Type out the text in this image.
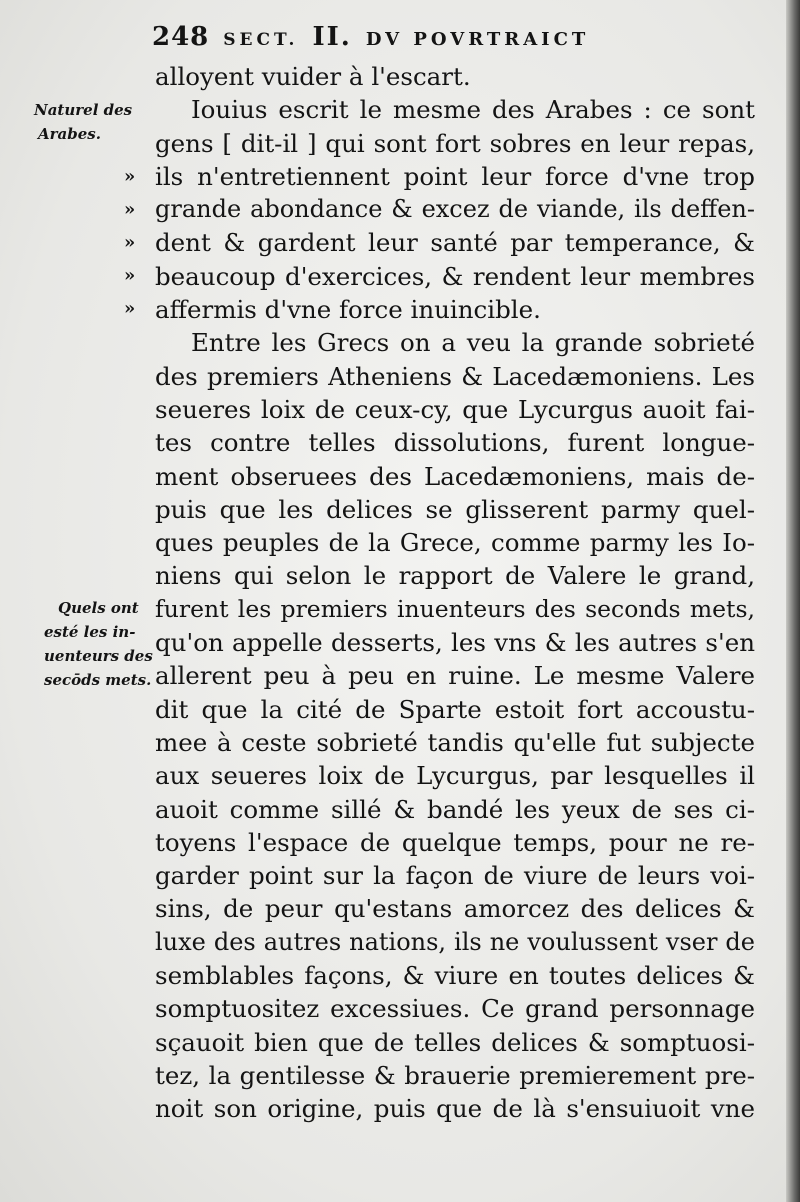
248 SECT. II. DV POVRTRAICT
Naturel des
Arabes.
Quels ont
esté les in-
uenteurs des
secōds mets.
»
»
»
»
»
alloyent vuider à l'escart.
Iouius escrit le mesme des Arabes : ce sont
gens [ dit-il ] qui sont fort sobres en leur repas,
ils n'entretiennent point leur force d'vne trop
grande abondance & excez de viande, ils deffen-
dent & gardent leur santé par temperance, &
beaucoup d'exercices, & rendent leur membres
affermis d'vne force inuincible.
Entre les Grecs on a veu la grande sobrieté
des premiers Atheniens & Lacedæmoniens. Les
seueres loix de ceux-cy, que Lycurgus auoit fai-
tes contre telles dissolutions, furent longue-
ment obseruees des Lacedæmoniens, mais de-
puis que les delices se glisserent parmy quel-
ques peuples de la Grece, comme parmy les Io-
niens qui selon le rapport de Valere le grand,
furent les premiers inuenteurs des seconds mets,
qu'on appelle desserts, les vns & les autres s'en
allerent peu à peu en ruine. Le mesme Valere
dit que la cité de Sparte estoit fort accoustu-
mee à ceste sobrieté tandis qu'elle fut subjecte
aux seueres loix de Lycurgus, par lesquelles il
auoit comme sillé & bandé les yeux de ses ci-
toyens l'espace de quelque temps, pour ne re-
garder point sur la façon de viure de leurs voi-
sins, de peur qu'estans amorcez des delices &
luxe des autres nations, ils ne voulussent vser de
semblables façons, & viure en toutes delices &
somptuositez excessiues. Ce grand personnage
sçauoit bien que de telles delices & somptuosi-
tez, la gentilesse & brauerie premierement pre-
noit son origine, puis que de là s'ensuiuoit vne
